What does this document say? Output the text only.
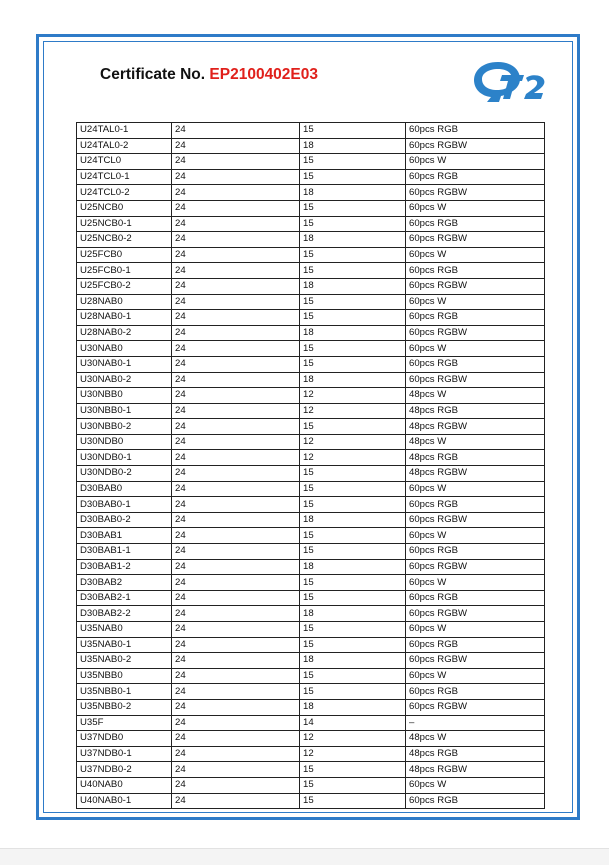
Certificate No. EP2100402E03
U24TAL0-1	24	15	60pcs RGB
U24TAL0-2	24	18	60pcs RGBW
U24TCL0	24	15	60pcs W
U24TCL0-1	24	15	60pcs RGB
U24TCL0-2	24	18	60pcs RGBW
U25NCB0	24	15	60pcs W
U25NCB0-1	24	15	60pcs RGB
U25NCB0-2	24	18	60pcs RGBW
U25FCB0	24	15	60pcs W
U25FCB0-1	24	15	60pcs RGB
U25FCB0-2	24	18	60pcs RGBW
U28NAB0	24	15	60pcs W
U28NAB0-1	24	15	60pcs RGB
U28NAB0-2	24	18	60pcs RGBW
U30NAB0	24	15	60pcs W
U30NAB0-1	24	15	60pcs RGB
U30NAB0-2	24	18	60pcs RGBW
U30NBB0	24	12	48pcs W
U30NBB0-1	24	12	48pcs RGB
U30NBB0-2	24	15	48pcs RGBW
U30NDB0	24	12	48pcs W
U30NDB0-1	24	12	48pcs RGB
U30NDB0-2	24	15	48pcs RGBW
D30BAB0	24	15	60pcs W
D30BAB0-1	24	15	60pcs RGB
D30BAB0-2	24	18	60pcs RGBW
D30BAB1	24	15	60pcs W
D30BAB1-1	24	15	60pcs RGB
D30BAB1-2	24	18	60pcs RGBW
D30BAB2	24	15	60pcs W
D30BAB2-1	24	15	60pcs RGB
D30BAB2-2	24	18	60pcs RGBW
U35NAB0	24	15	60pcs W
U35NAB0-1	24	15	60pcs RGB
U35NAB0-2	24	18	60pcs RGBW
U35NBB0	24	15	60pcs W
U35NBB0-1	24	15	60pcs RGB
U35NBB0-2	24	18	60pcs RGBW
U35F	24	14	–
U37NDB0	24	12	48pcs W
U37NDB0-1	24	12	48pcs RGB
U37NDB0-2	24	15	48pcs RGBW
U40NAB0	24	15	60pcs W
U40NAB0-1	24	15	60pcs RGB
